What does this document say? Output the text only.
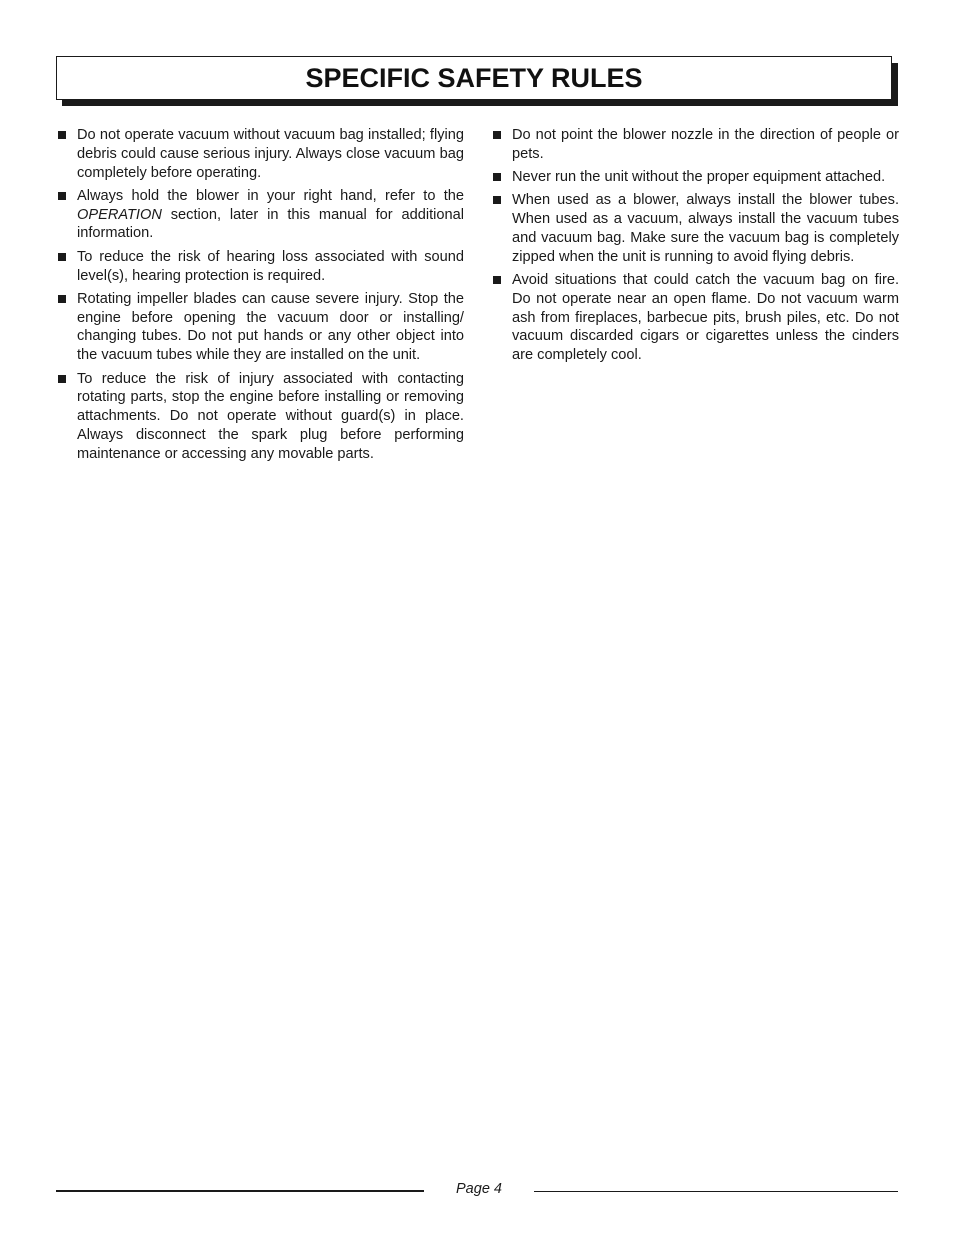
SPECIFIC SAFETY RULES
Do not operate vacuum without vacuum bag installed; flying debris could cause serious injury. Always close vacuum bag completely before operating.
Always hold the blower in your right hand, refer to the OPERATION section, later in this manual for additional information.
To reduce the risk of hearing loss associated with sound level(s), hearing protection is required.
Rotating impeller blades can cause severe injury. Stop the engine before opening the vacuum door or installing/ changing tubes. Do not put hands or any other object into the vacuum tubes while they are installed on the unit.
To reduce the risk of injury associated with contacting rotating parts, stop the engine before installing or removing attachments. Do not operate without guard(s) in place. Always disconnect the spark plug before performing maintenance or accessing any movable parts.
Do not point the blower nozzle in the direction of people or pets.
Never run the unit without the proper equipment attached.
When used as a blower, always install the blower tubes. When used as a vacuum, always install the vacuum tubes and vacuum bag. Make sure the vacuum bag is completely zipped when the unit is running to avoid flying debris.
Avoid situations that could catch the vacuum bag on fire. Do not operate near an open flame. Do not vacuum warm ash from fireplaces, barbecue pits, brush piles, etc. Do not vacuum discarded cigars or cigarettes unless the cinders are completely cool.
Page 4
